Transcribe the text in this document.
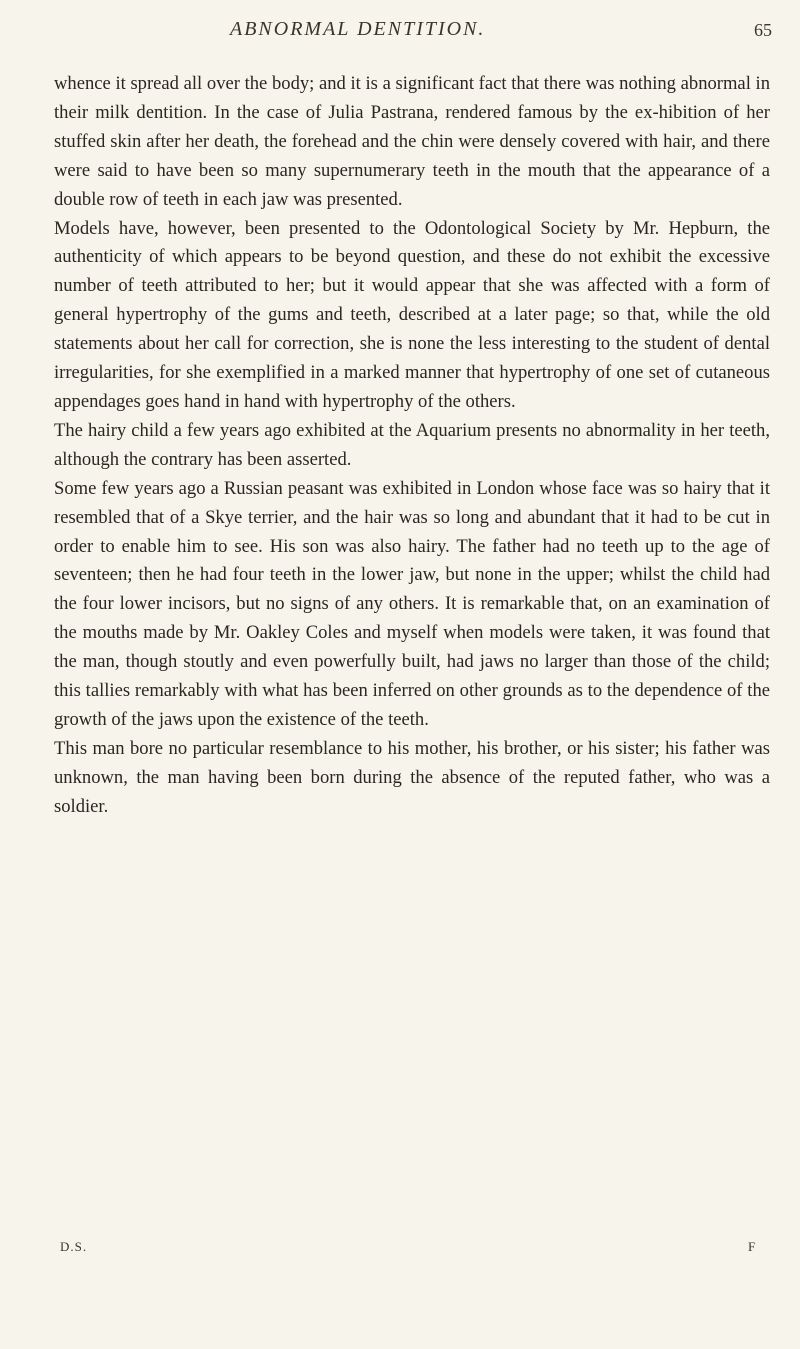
ABNORMAL DENTITION.	65

whence it spread all over the body; and it is a significant fact that there was nothing abnormal in their milk dentition. In the case of Julia Pastrana, rendered famous by the ex-hibition of her stuffed skin after her death, the forehead and the chin were densely covered with hair, and there were said to have been so many supernumerary teeth in the mouth that the appearance of a double row of teeth in each jaw was presented.

Models have, however, been presented to the Odontological Society by Mr. Hepburn, the authenticity of which appears to be beyond question, and these do not exhibit the excessive number of teeth attributed to her; but it would appear that she was affected with a form of general hypertrophy of the gums and teeth, described at a later page; so that, while the old statements about her call for correction, she is none the less interesting to the student of dental irregularities, for she exemplified in a marked manner that hypertrophy of one set of cutaneous appendages goes hand in hand with hypertrophy of the others.

The hairy child a few years ago exhibited at the Aquarium presents no abnormality in her teeth, although the contrary has been asserted.

Some few years ago a Russian peasant was exhibited in London whose face was so hairy that it resembled that of a Skye terrier, and the hair was so long and abundant that it had to be cut in order to enable him to see. His son was also hairy. The father had no teeth up to the age of seventeen; then he had four teeth in the lower jaw, but none in the upper; whilst the child had the four lower incisors, but no signs of any others. It is remarkable that, on an examination of the mouths made by Mr. Oakley Coles and myself when models were taken, it was found that the man, though stoutly and even powerfully built, had jaws no larger than those of the child; this tallies remarkably with what has been inferred on other grounds as to the dependence of the growth of the jaws upon the existence of the teeth.

This man bore no particular resemblance to his mother, his brother, or his sister; his father was unknown, the man having been born during the absence of the reputed father, who was a soldier.

D.S.	F
